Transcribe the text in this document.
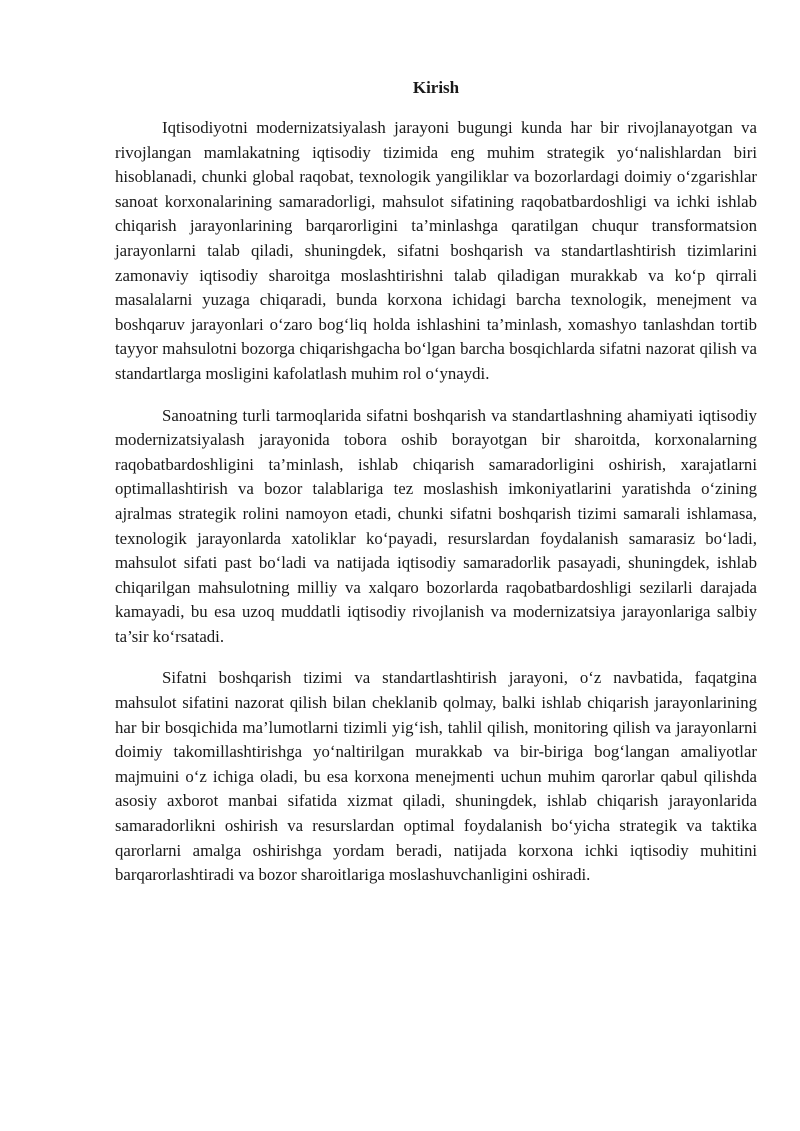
Kirish

Iqtisodiyotni modernizatsiyalash jarayoni bugungi kunda har bir rivojlanayotgan va rivojlangan mamlakatning iqtisodiy tizimida eng muhim strategik yo‘nalishlardan biri hisoblanadi, chunki global raqobat, texnologik yangiliklar va bozorlardagi doimiy o‘zgarishlar sanoat korxonalarining samaradorligi, mahsulot sifatining raqobatbardoshligi va ichki ishlab chiqarish jarayonlarining barqarorligini ta’minlashga qaratilgan chuqur transformatsion jarayonlarni talab qiladi, shuningdek, sifatni boshqarish va standartlashtirish tizimlarini zamonaviy iqtisodiy sharoitga moslashtirishni talab qiladigan murakkab va ko‘p qirrali masalalarni yuzaga chiqaradi, bunda korxona ichidagi barcha texnologik, menejment va boshqaruv jarayonlari o‘zaro bog‘liq holda ishlashini ta’minlash, xomashyo tanlashdan tortib tayyor mahsulotni bozorga chiqarishgacha bo‘lgan barcha bosqichlarda sifatni nazorat qilish va standartlarga mosligini kafolatlash muhim rol o‘ynaydi.

Sanoatning turli tarmoqlarida sifatni boshqarish va standartlashning ahamiyati iqtisodiy modernizatsiyalash jarayonida tobora oshib borayotgan bir sharoitda, korxonalarning raqobatbardoshligini ta’minlash, ishlab chiqarish samaradorligini oshirish, xarajatlarni optimallashtirish va bozor talablariga tez moslashish imkoniyatlarini yaratishda o‘zining ajralmas strategik rolini namoyon etadi, chunki sifatni boshqarish tizimi samarali ishlamasa, texnologik jarayonlarda xatoliklar ko‘payadi, resurslardan foydalanish samarasiz bo‘ladi, mahsulot sifati past bo‘ladi va natijada iqtisodiy samaradorlik pasayadi, shuningdek, ishlab chiqarilgan mahsulotning milliy va xalqaro bozorlarda raqobatbardoshligi sezilarli darajada kamayadi, bu esa uzoq muddatli iqtisodiy rivojlanish va modernizatsiya jarayonlariga salbiy ta’sir ko‘rsatadi.

Sifatni boshqarish tizimi va standartlashtirish jarayoni, o‘z navbatida, faqatgina mahsulot sifatini nazorat qilish bilan cheklanib qolmay, balki ishlab chiqarish jarayonlarining har bir bosqichida ma’lumotlarni tizimli yig‘ish, tahlil qilish, monitoring qilish va jarayonlarni doimiy takomillashtirishga yo‘naltirilgan murakkab va bir-biriga bog‘langan amaliyotlar majmuini o‘z ichiga oladi, bu esa korxona menejmenti uchun muhim qarorlar qabul qilishda asosiy axborot manbai sifatida xizmat qiladi, shuningdek, ishlab chiqarish jarayonlarida samaradorlikni oshirish va resurslardan optimal foydalanish bo‘yicha strategik va taktika qarorlarni amalga oshirishga yordam beradi, natijada korxona ichki iqtisodiy muhitini barqarorlashtiradi va bozor sharoitlariga moslashuvchanligini oshiradi.
